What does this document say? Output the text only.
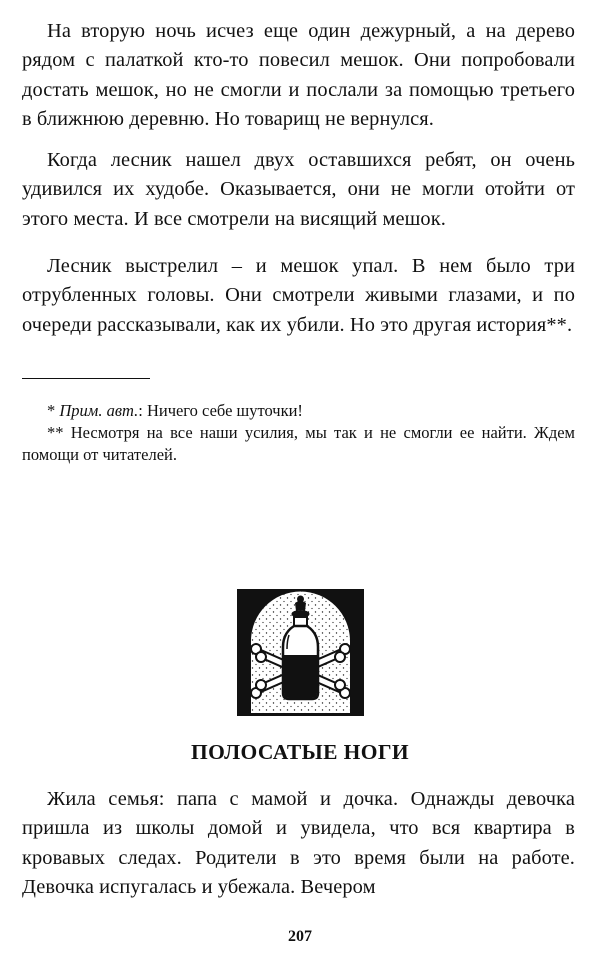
На вторую ночь исчез еще один дежурный, а на дерево рядом с палаткой кто-то повесил мешок. Они попробовали достать мешок, но не смогли и послали за помощью третьего в ближнюю деревню. Но товарищ не вернулся.

Когда лесник нашел двух оставшихся ребят, он очень удивился их худобе. Оказывается, они не могли отойти от этого места. И все смотрели на висящий мешок.

Лесник выстрелил – и мешок упал. В нем было три отрубленных головы. Они смотрели живыми глазами, и по очереди рассказывали, как их убили. Но это другая история**.

* Прим. авт.: Ничего себе шуточки!

** Несмотря на все наши усилия, мы так и не смогли ее найти. Ждем помощи от читателей.

ПОЛОСАТЫЕ НОГИ

Жила семья: папа с мамой и дочка. Однажды девочка пришла из школы домой и увидела, что вся квартира в кровавых следах. Родители в это время были на работе. Девочка испугалась и убежала. Вечером

207
